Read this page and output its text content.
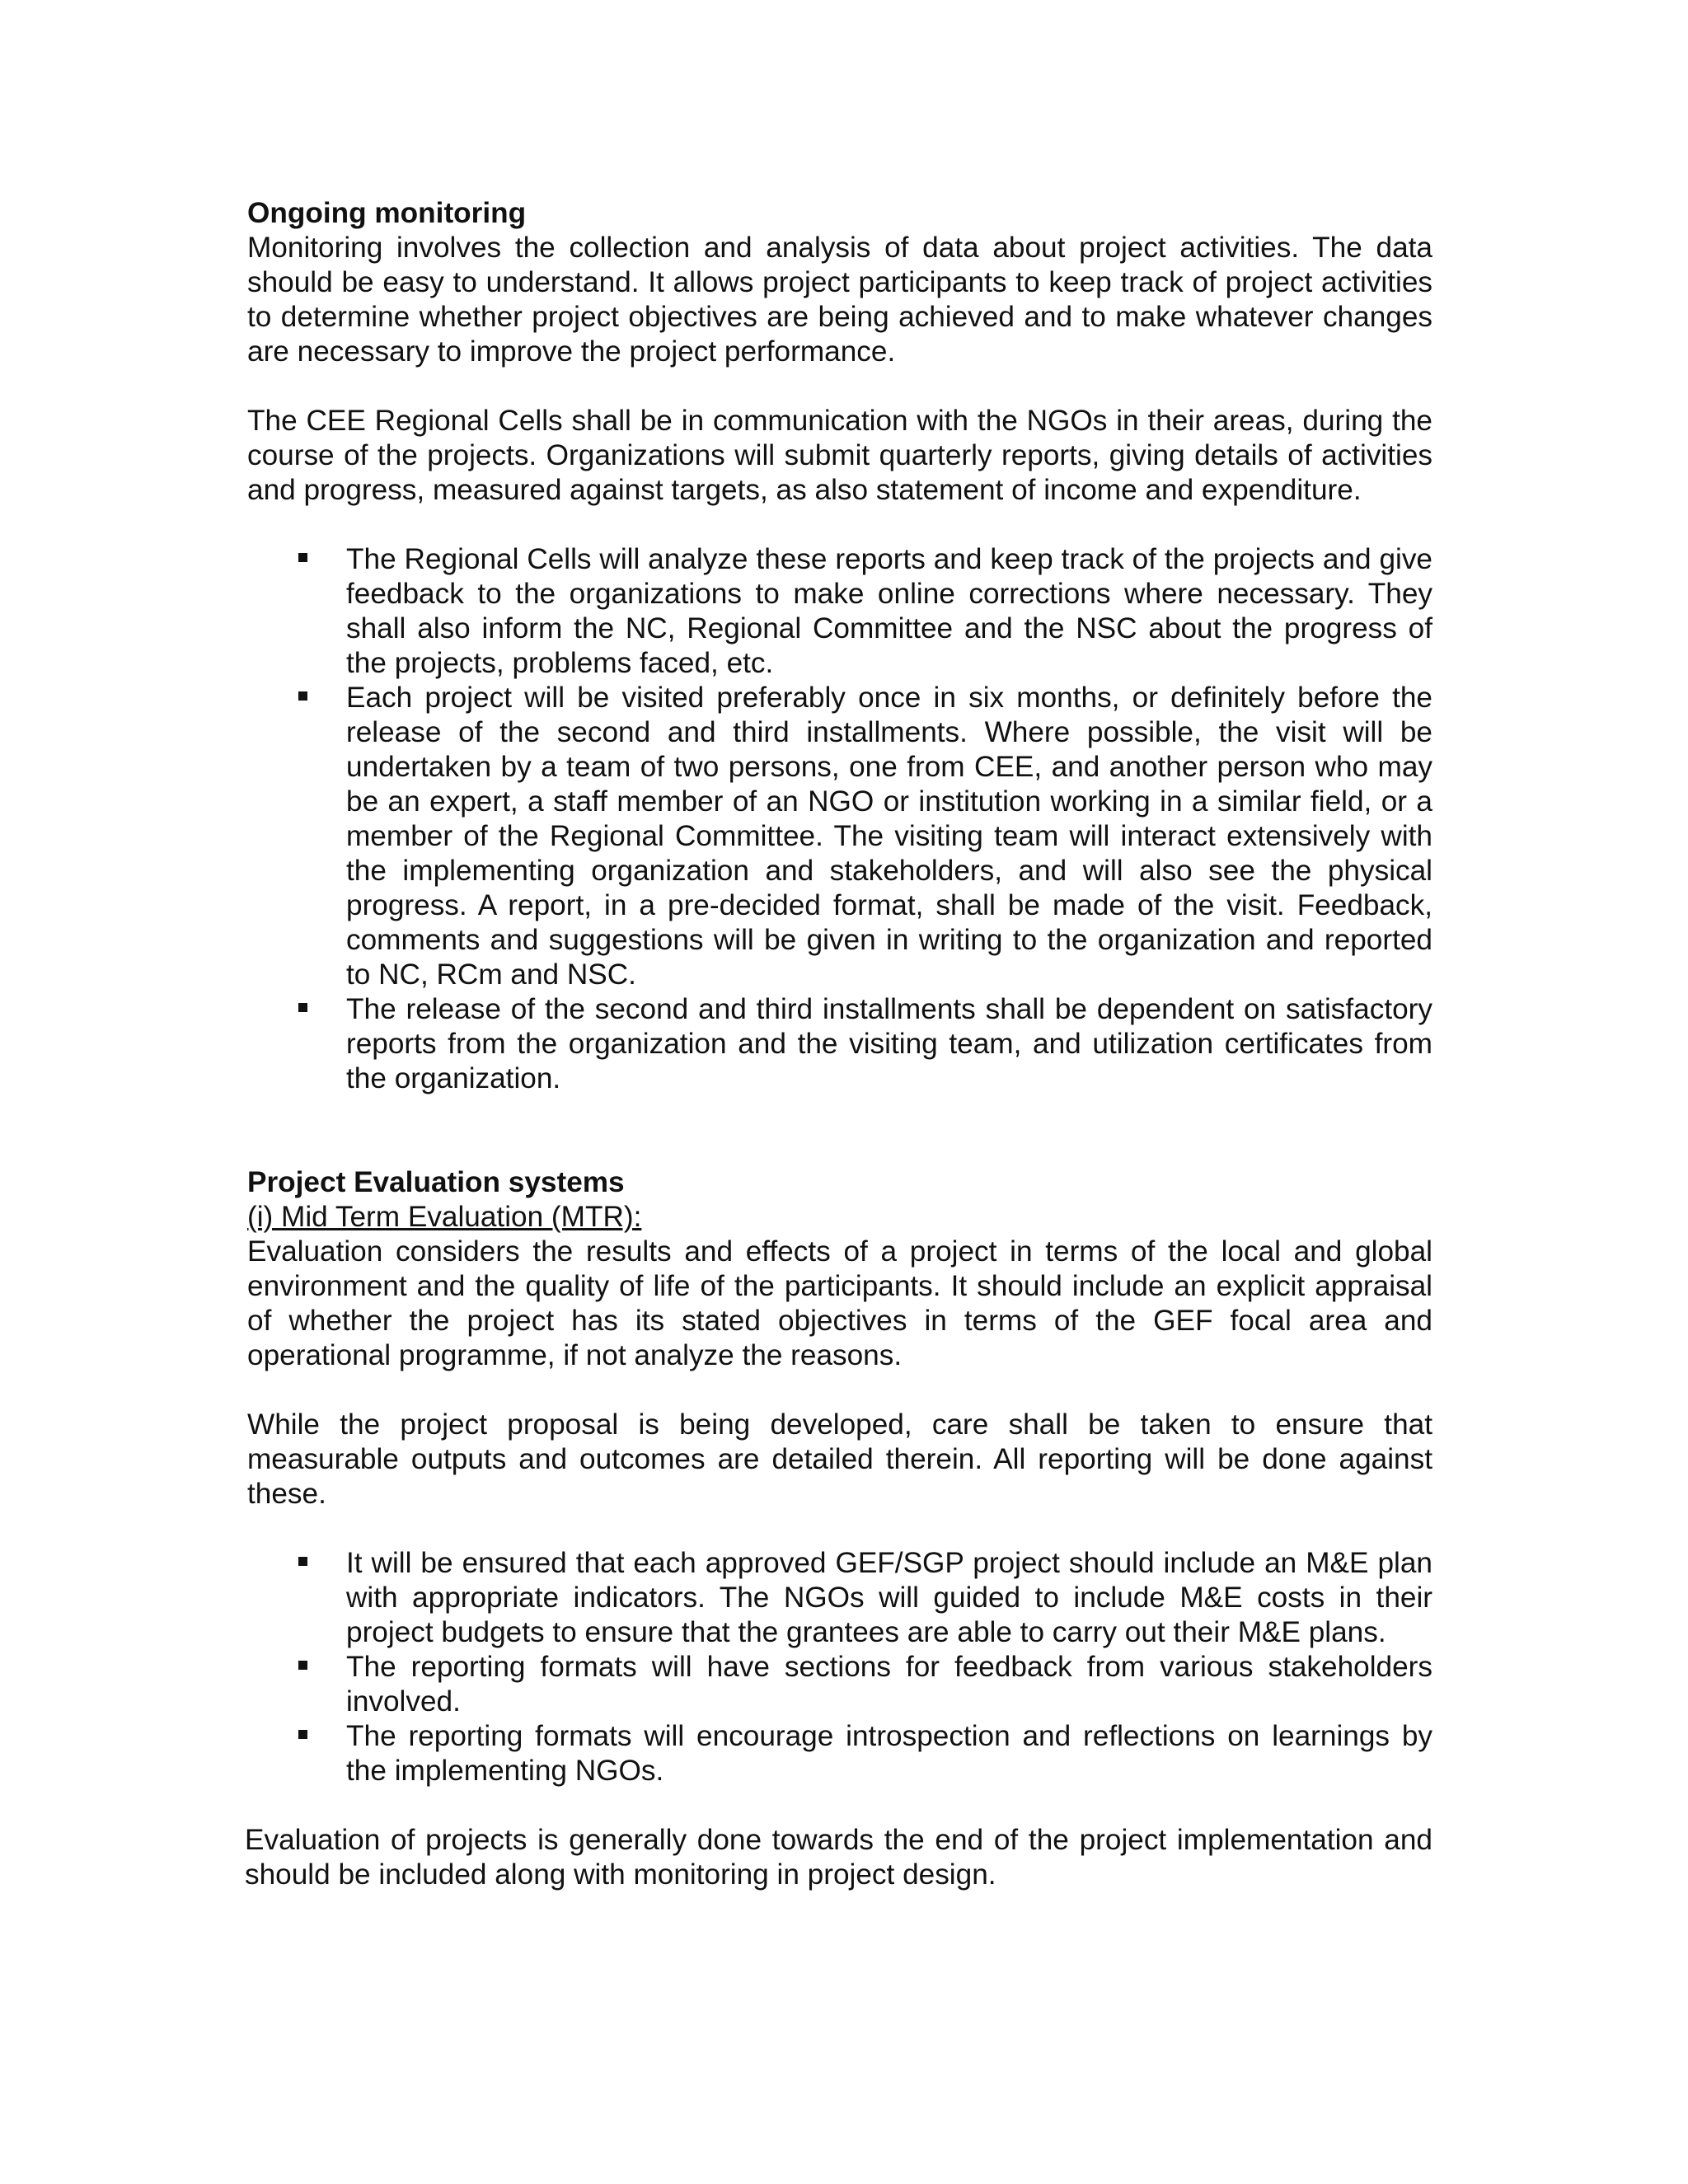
Ongoing monitoring

Monitoring involves the collection and analysis of data about project activities. The data should be easy to understand. It allows project participants to keep track of project activities to determine whether project objectives are being achieved and to make whatever changes are necessary to improve the project performance.

The CEE Regional Cells shall be in communication with the NGOs in their areas, during the course of the projects. Organizations will submit quarterly reports, giving details of activities and progress, measured against targets, as also statement of income and expenditure.

The Regional Cells will analyze these reports and keep track of the projects and give feedback to the organizations to make online corrections where necessary. They shall also inform the NC, Regional Committee and the NSC about the progress of the projects, problems faced, etc.
Each project will be visited preferably once in six months, or definitely before the release of the second and third installments. Where possible, the visit will be undertaken by a team of two persons, one from CEE, and another person who may be an expert, a staff member of an NGO or institution working in a similar field, or a member of the Regional Committee. The visiting team will interact extensively with the implementing organization and stakeholders, and will also see the physical progress. A report, in a pre-decided format, shall be made of the visit. Feedback, comments and suggestions will be given in writing to the organization and reported to NC, RCm and NSC.
The release of the second and third installments shall be dependent on satisfactory reports from the organization and the visiting team, and utilization certificates from the organization.

Project Evaluation systems

(i) Mid Term Evaluation (MTR):

Evaluation considers the results and effects of a project in terms of the local and global environment and the quality of life of the participants. It should include an explicit appraisal of whether the project has its stated objectives in terms of the GEF focal area and operational programme, if not analyze the reasons.

While the project proposal is being developed, care shall be taken to ensure that measurable outputs and outcomes are detailed therein. All reporting will be done against these.

It will be ensured that each approved GEF/SGP project should include an M&E plan with appropriate indicators. The NGOs will guided to include M&E costs in their project budgets to ensure that the grantees are able to carry out their M&E plans.
The reporting formats will have sections for feedback from various stakeholders involved.
The reporting formats will encourage introspection and reflections on learnings by the implementing NGOs.

Evaluation of projects is generally done towards the end of the project implementation and should be included along with monitoring in project design.
